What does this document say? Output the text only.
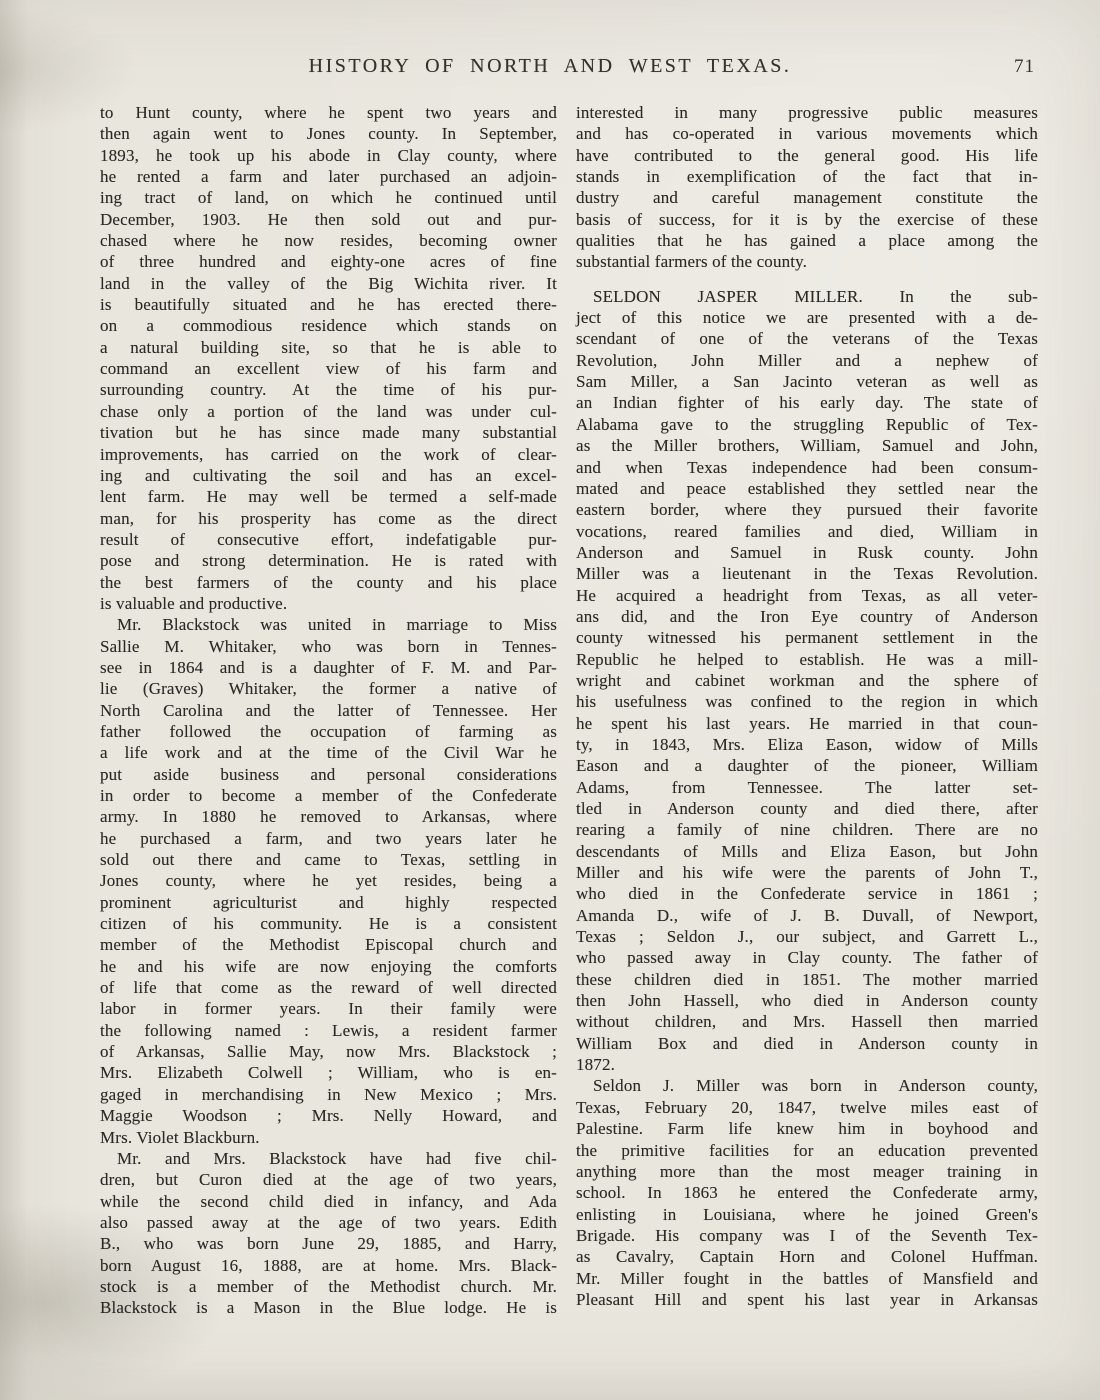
HISTORY OF NORTH AND WEST TEXAS.	71
to Hunt county, where he spent two years and
then again went to Jones county. In September,
1893, he took up his abode in Clay county, where
he rented a farm and later purchased an adjoin-
ing tract of land, on which he continued until
December, 1903. He then sold out and pur-
chased where he now resides, becoming owner
of three hundred and eighty-one acres of fine
land in the valley of the Big Wichita river. It
is beautifully situated and he has erected there-
on a commodious residence which stands on
a natural building site, so that he is able to
command an excellent view of his farm and
surrounding country. At the time of his pur-
chase only a portion of the land was under cul-
tivation but he has since made many substantial
improvements, has carried on the work of clear-
ing and cultivating the soil and has an excel-
lent farm. He may well be termed a self-made
man, for his prosperity has come as the direct
result of consecutive effort, indefatigable pur-
pose and strong determination. He is rated with
the best farmers of the county and his place
is valuable and productive.
Mr. Blackstock was united in marriage to Miss
Sallie M. Whitaker, who was born in Tennes-
see in 1864 and is a daughter of F. M. and Par-
lie (Graves) Whitaker, the former a native of
North Carolina and the latter of Tennessee. Her
father followed the occupation of farming as
a life work and at the time of the Civil War he
put aside business and personal considerations
in order to become a member of the Confederate
army. In 1880 he removed to Arkansas, where
he purchased a farm, and two years later he
sold out there and came to Texas, settling in
Jones county, where he yet resides, being a
prominent agriculturist and highly respected
citizen of his community. He is a consistent
member of the Methodist Episcopal church and
he and his wife are now enjoying the comforts
of life that come as the reward of well directed
labor in former years. In their family were
the following named : Lewis, a resident farmer
of Arkansas, Sallie May, now Mrs. Blackstock ;
Mrs. Elizabeth Colwell ; William, who is en-
gaged in merchandising in New Mexico ; Mrs.
Maggie Woodson ; Mrs. Nelly Howard, and
Mrs. Violet Blackburn.
Mr. and Mrs. Blackstock have had five chil-
dren, but Curon died at the age of two years,
while the second child died in infancy, and Ada
also passed away at the age of two years. Edith
B., who was born June 29, 1885, and Harry,
born August 16, 1888, are at home. Mrs. Black-
stock is a member of the Methodist church. Mr.
Blackstock is a Mason in the Blue lodge. He is
interested in many progressive public measures
and has co-operated in various movements which
have contributed to the general good. His life
stands in exemplification of the fact that in-
dustry and careful management constitute the
basis of success, for it is by the exercise of these
qualities that he has gained a place among the
substantial farmers of the county.
SELDON JASPER MILLER. In the sub-
ject of this notice we are presented with a de-
scendant of one of the veterans of the Texas
Revolution, John Miller and a nephew of
Sam Miller, a San Jacinto veteran as well as
an Indian fighter of his early day. The state of
Alabama gave to the struggling Republic of Tex-
as the Miller brothers, William, Samuel and John,
and when Texas independence had been consum-
mated and peace established they settled near the
eastern border, where they pursued their favorite
vocations, reared families and died, William in
Anderson and Samuel in Rusk county. John
Miller was a lieutenant in the Texas Revolution.
He acquired a headright from Texas, as all veter-
ans did, and the Iron Eye country of Anderson
county witnessed his permanent settlement in the
Republic he helped to establish. He was a mill-
wright and cabinet workman and the sphere of
his usefulness was confined to the region in which
he spent his last years. He married in that coun-
ty, in 1843, Mrs. Eliza Eason, widow of Mills
Eason and a daughter of the pioneer, William
Adams, from Tennessee. The latter set-
tled in Anderson county and died there, after
rearing a family of nine children. There are no
descendants of Mills and Eliza Eason, but John
Miller and his wife were the parents of John T.,
who died in the Confederate service in 1861 ;
Amanda D., wife of J. B. Duvall, of Newport,
Texas ; Seldon J., our subject, and Garrett L.,
who passed away in Clay county. The father of
these children died in 1851. The mother married
then John Hassell, who died in Anderson county
without children, and Mrs. Hassell then married
William Box and died in Anderson county in
1872.
Seldon J. Miller was born in Anderson county,
Texas, February 20, 1847, twelve miles east of
Palestine. Farm life knew him in boyhood and
the primitive facilities for an education prevented
anything more than the most meager training in
school. In 1863 he entered the Confederate army,
enlisting in Louisiana, where he joined Green's
Brigade. His company was I of the Seventh Tex-
as Cavalry, Captain Horn and Colonel Huffman.
Mr. Miller fought in the battles of Mansfield and
Pleasant Hill and spent his last year in Arkansas
